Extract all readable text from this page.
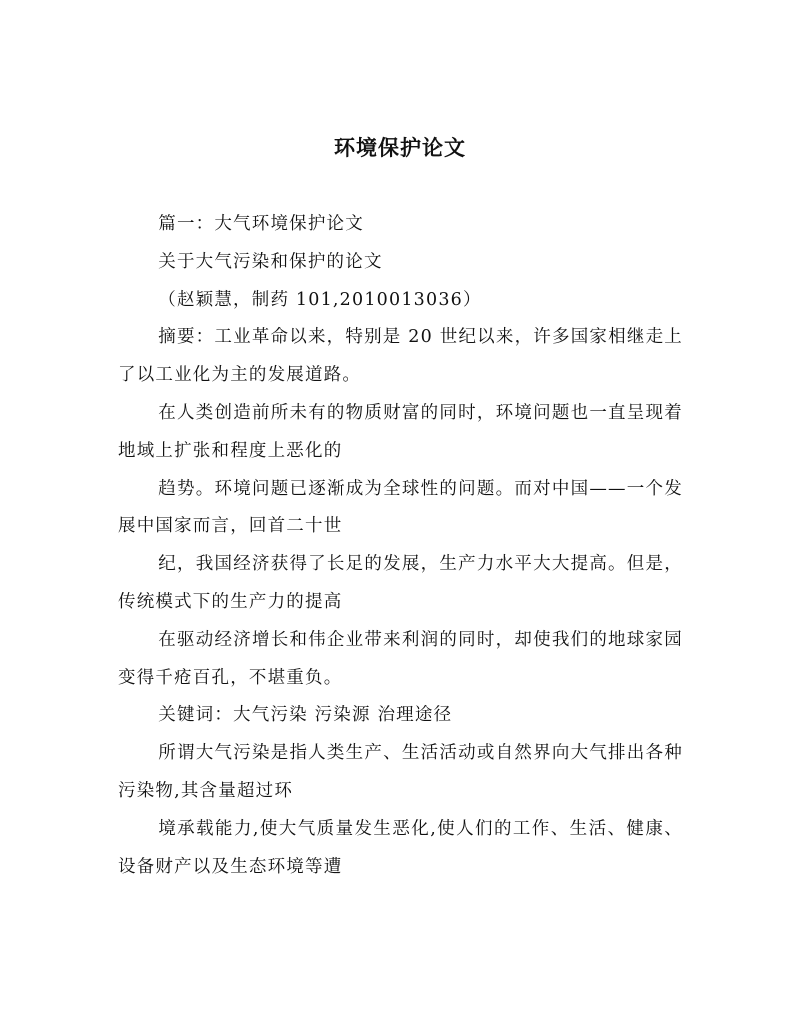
环境保护论文

篇一：大气环境保护论文

关于大气污染和保护的论文

（赵颖慧，制药 101,2010013036）

摘要：工业革命以来，特别是 20 世纪以来，许多国家相继走上了以工业化为主的发展道路。

在人类创造前所未有的物质财富的同时，环境问题也一直呈现着地域上扩张和程度上恶化的

趋势。环境问题已逐渐成为全球性的问题。而对中国——一个发展中国家而言，回首二十世

纪，我国经济获得了长足的发展，生产力水平大大提高。但是，传统模式下的生产力的提高

在驱动经济增长和伟企业带来利润的同时，却使我们的地球家园变得千疮百孔，不堪重负。

关键词：大气污染 污染源 治理途径

所谓大气污染是指人类生产、生活活动或自然界向大气排出各种污染物,其含量超过环

境承载能力,使大气质量发生恶化,使人们的工作、生活、健康、设备财产以及生态环境等遭
